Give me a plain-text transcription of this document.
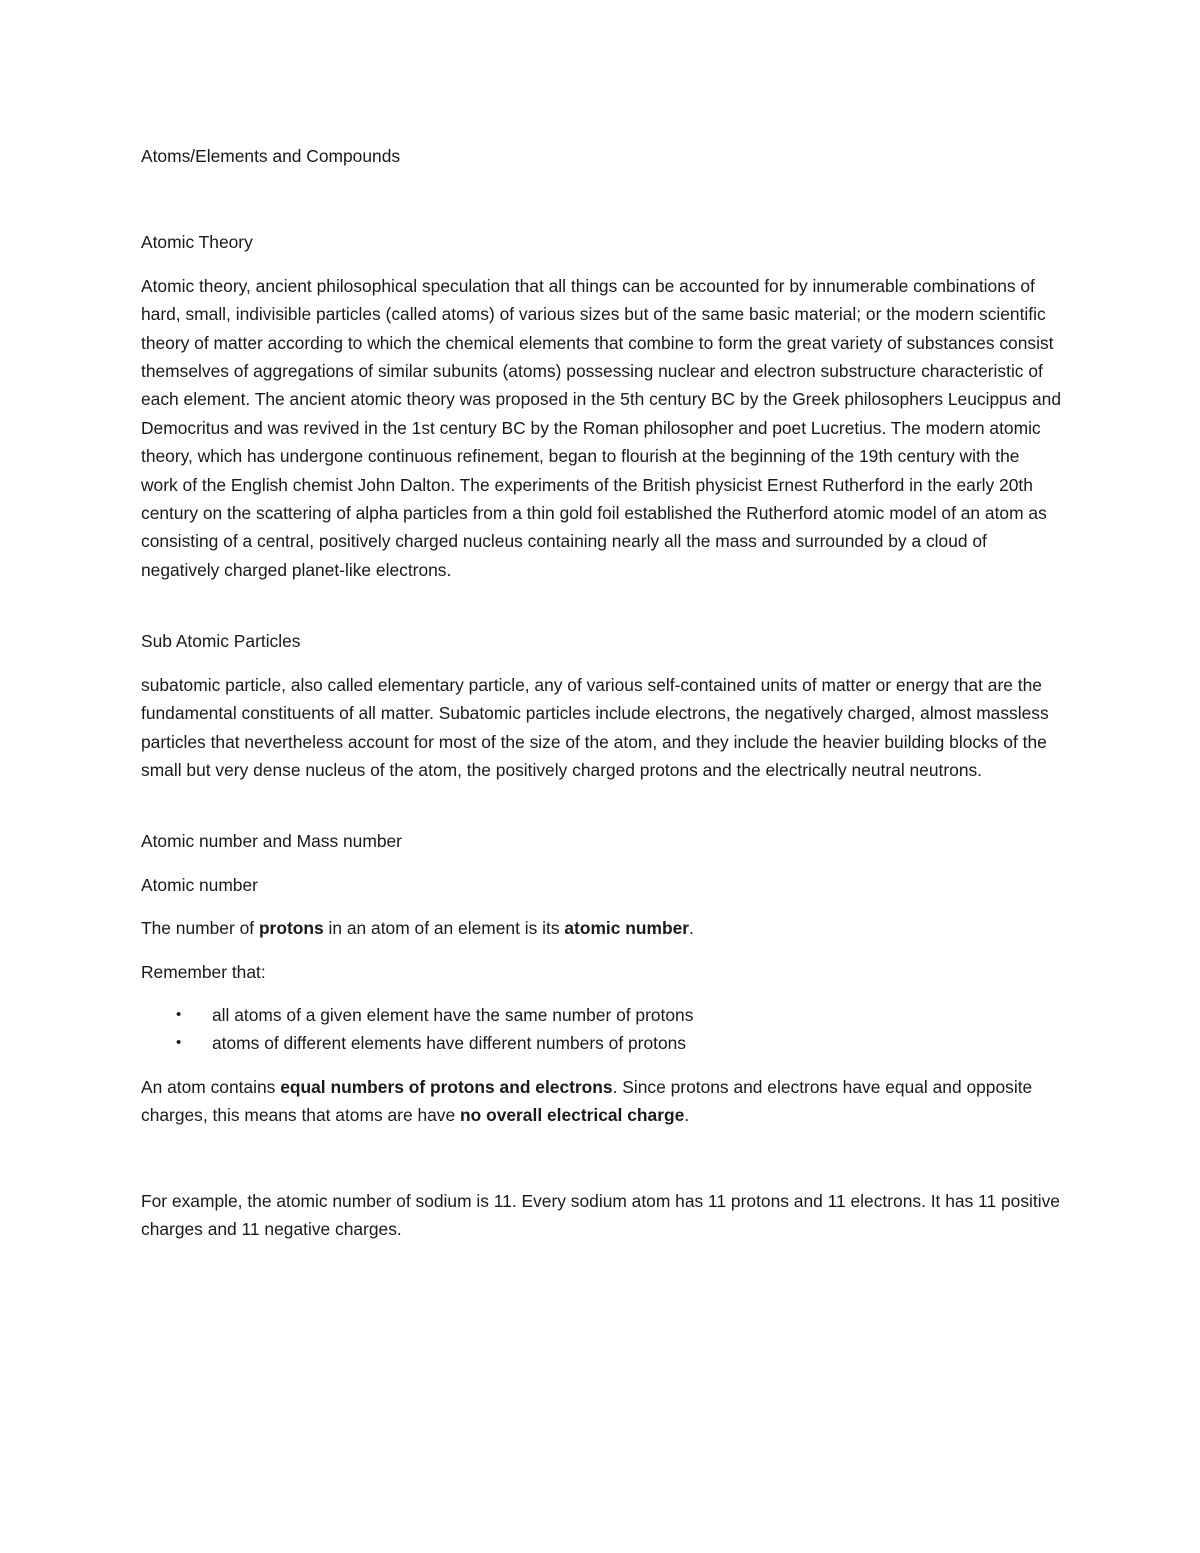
Atoms/Elements and Compounds

Atomic Theory

Atomic theory, ancient philosophical speculation that all things can be accounted for by innumerable combinations of hard, small, indivisible particles (called atoms) of various sizes but of the same basic material; or the modern scientific theory of matter according to which the chemical elements that combine to form the great variety of substances consist themselves of aggregations of similar subunits (atoms) possessing nuclear and electron substructure characteristic of each element. The ancient atomic theory was proposed in the 5th century BC by the Greek philosophers Leucippus and Democritus and was revived in the 1st century BC by the Roman philosopher and poet Lucretius. The modern atomic theory, which has undergone continuous refinement, began to flourish at the beginning of the 19th century with the work of the English chemist John Dalton. The experiments of the British physicist Ernest Rutherford in the early 20th century on the scattering of alpha particles from a thin gold foil established the Rutherford atomic model of an atom as consisting of a central, positively charged nucleus containing nearly all the mass and surrounded by a cloud of negatively charged planet-like electrons.

Sub Atomic Particles

subatomic particle, also called elementary particle, any of various self-contained units of matter or energy that are the fundamental constituents of all matter. Subatomic particles include electrons, the negatively charged, almost massless particles that nevertheless account for most of the size of the atom, and they include the heavier building blocks of the small but very dense nucleus of the atom, the positively charged protons and the electrically neutral neutrons.

Atomic number and Mass number

Atomic number

The number of protons in an atom of an element is its atomic number.

Remember that:

• all atoms of a given element have the same number of protons
• atoms of different elements have different numbers of protons

An atom contains equal numbers of protons and electrons. Since protons and electrons have equal and opposite charges, this means that atoms are have no overall electrical charge.

For example, the atomic number of sodium is 11. Every sodium atom has 11 protons and 11 electrons. It has 11 positive charges and 11 negative charges.
